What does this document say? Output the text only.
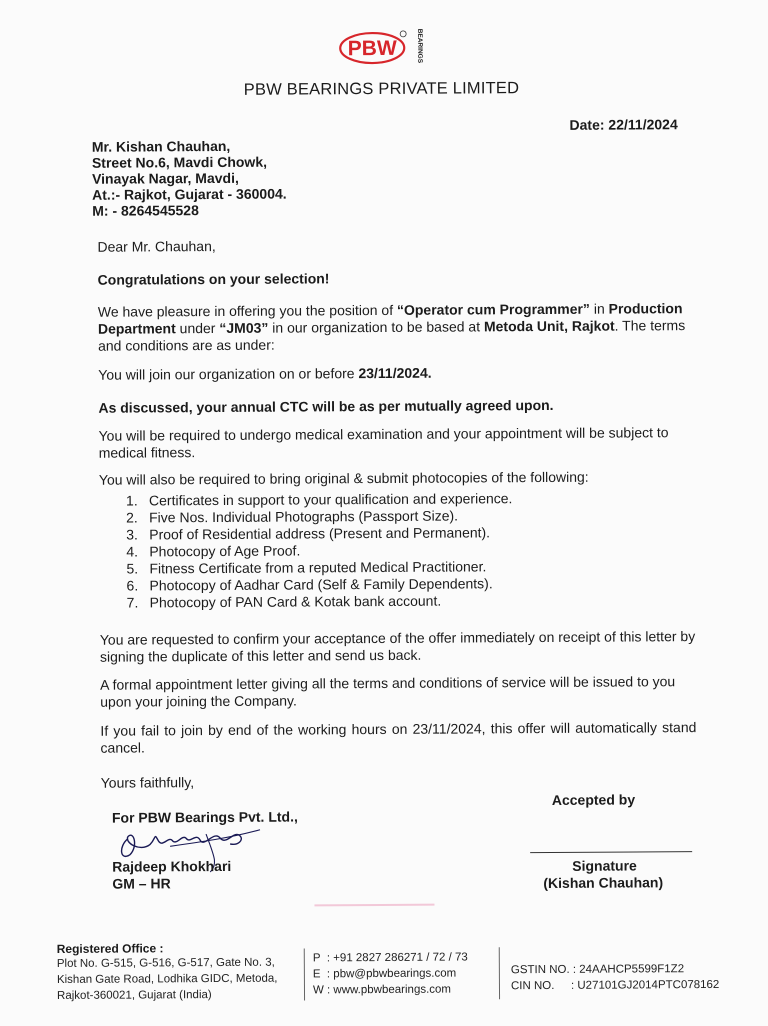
PBW	BEARINGS
PBW BEARINGS PRIVATE LIMITED
Date: 22/11/2024
Mr. Kishan Chauhan,
Street No.6, Mavdi Chowk,
Vinayak Nagar, Mavdi,
At.:- Rajkot, Gujarat - 360004.
M: - 8264545528
Dear Mr. Chauhan,
Congratulations on your selection!
We have pleasure in offering you the position of “Operator cum Programmer” in Production Department under “JM03” in our organization to be based at Metoda Unit, Rajkot. The terms and conditions are as under:
You will join our organization on or before 23/11/2024.
As discussed, your annual CTC will be as per mutually agreed upon.
You will be required to undergo medical examination and your appointment will be subject to medical fitness.
You will also be required to bring original & submit photocopies of the following:
1. Certificates in support to your qualification and experience.
2. Five Nos. Individual Photographs (Passport Size).
3. Proof of Residential address (Present and Permanent).
4. Photocopy of Age Proof.
5. Fitness Certificate from a reputed Medical Practitioner.
6. Photocopy of Aadhar Card (Self & Family Dependents).
7. Photocopy of PAN Card & Kotak bank account.
You are requested to confirm your acceptance of the offer immediately on receipt of this letter by signing the duplicate of this letter and send us back.
A formal appointment letter giving all the terms and conditions of service will be issued to you upon your joining the Company.
If you fail to join by end of the working hours on 23/11/2024, this offer will automatically stand cancel.
Yours faithfully,
For PBW Bearings Pvt. Ltd.,
Rajdeep Khokhari
GM – HR
Accepted by
Signature
(Kishan Chauhan)
Registered Office :
Plot No. G-515, G-516, G-517, Gate No. 3,
Kishan Gate Road, Lodhika GIDC, Metoda,
Rajkot-360021, Gujarat (India)
P : +91 2827 286271 / 72 / 73
E : pbw@pbwbearings.com
W : www.pbwbearings.com
GSTIN NO. : 24AAHCP5599F1Z2
CIN NO. : U27101GJ2014PTC078162
